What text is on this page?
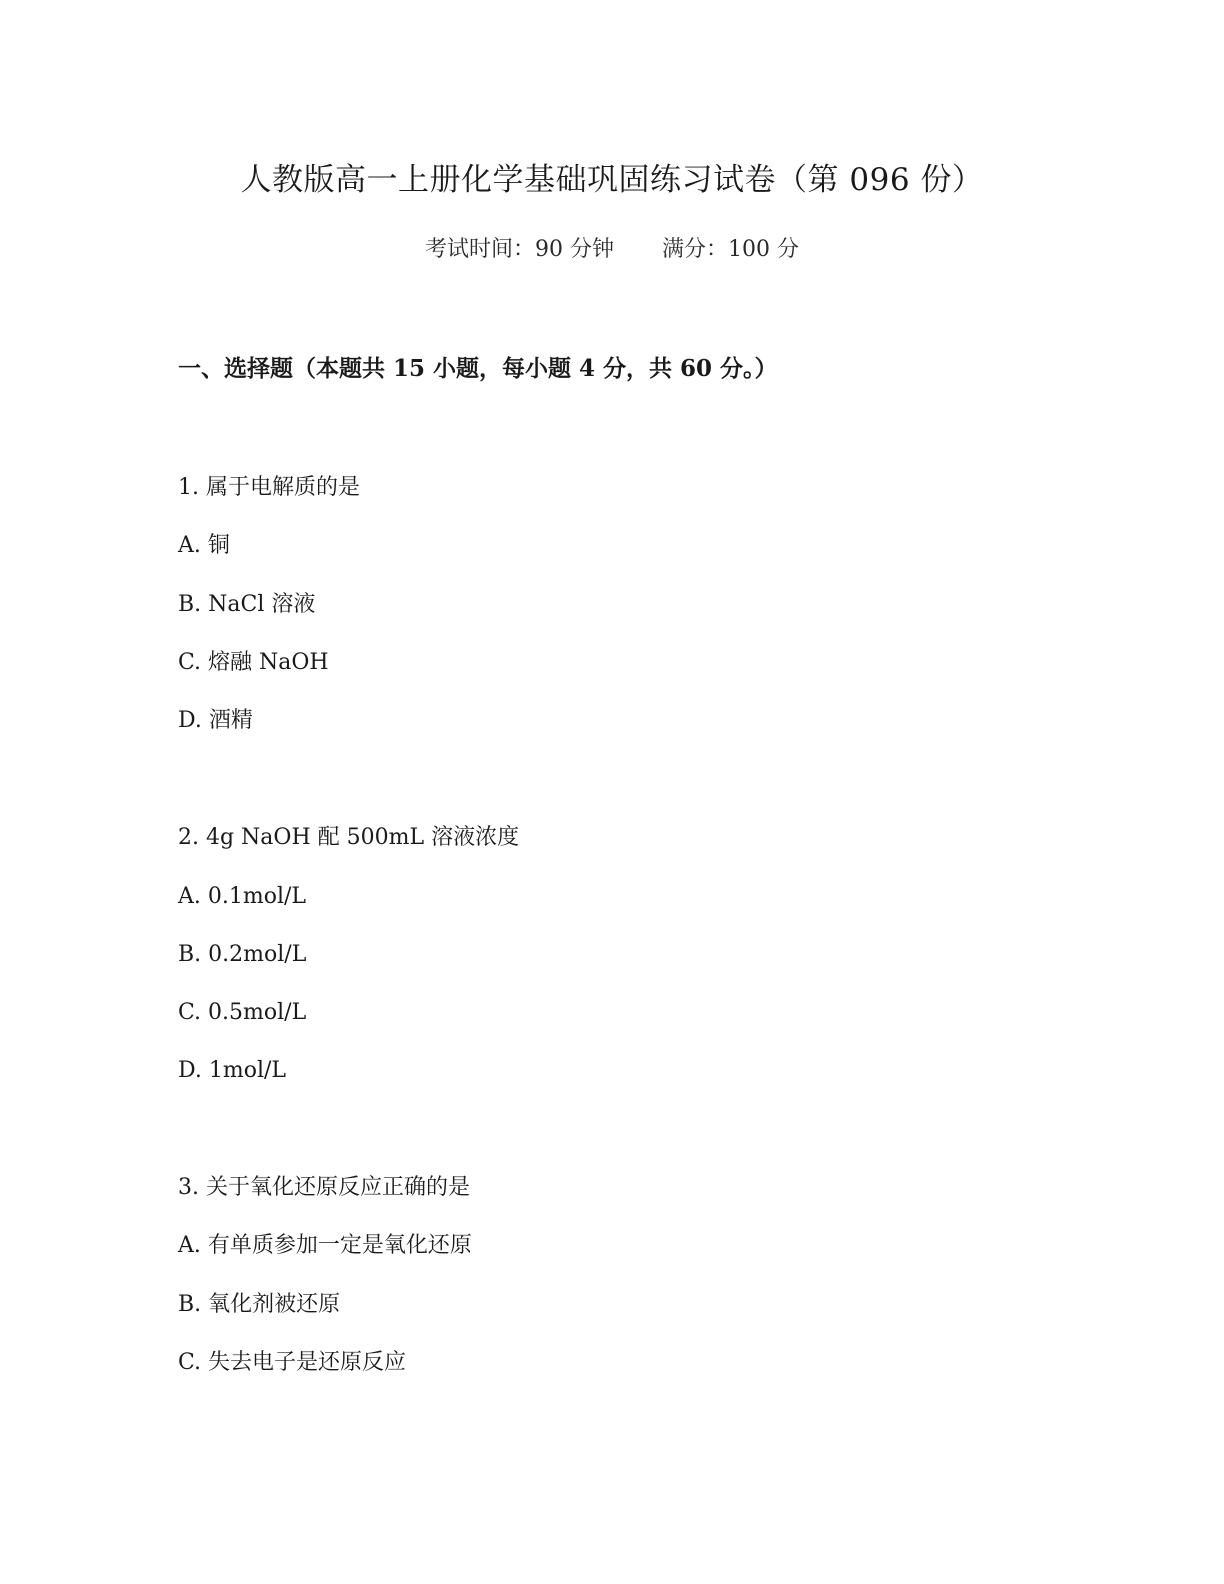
人教版高一上册化学基础巩固练习试卷（第 096 份）
考试时间：90 分钟 满分：100 分
一、选择题（本题共 15 小题，每小题 4 分，共 60 分。）
1. 属于电解质的是
A. 铜
B. NaCl 溶液
C. 熔融 NaOH
D. 酒精
2. 4g NaOH 配 500mL 溶液浓度
A. 0.1mol/L
B. 0.2mol/L
C. 0.5mol/L
D. 1mol/L
3. 关于氧化还原反应正确的是
A. 有单质参加一定是氧化还原
B. 氧化剂被还原
C. 失去电子是还原反应
